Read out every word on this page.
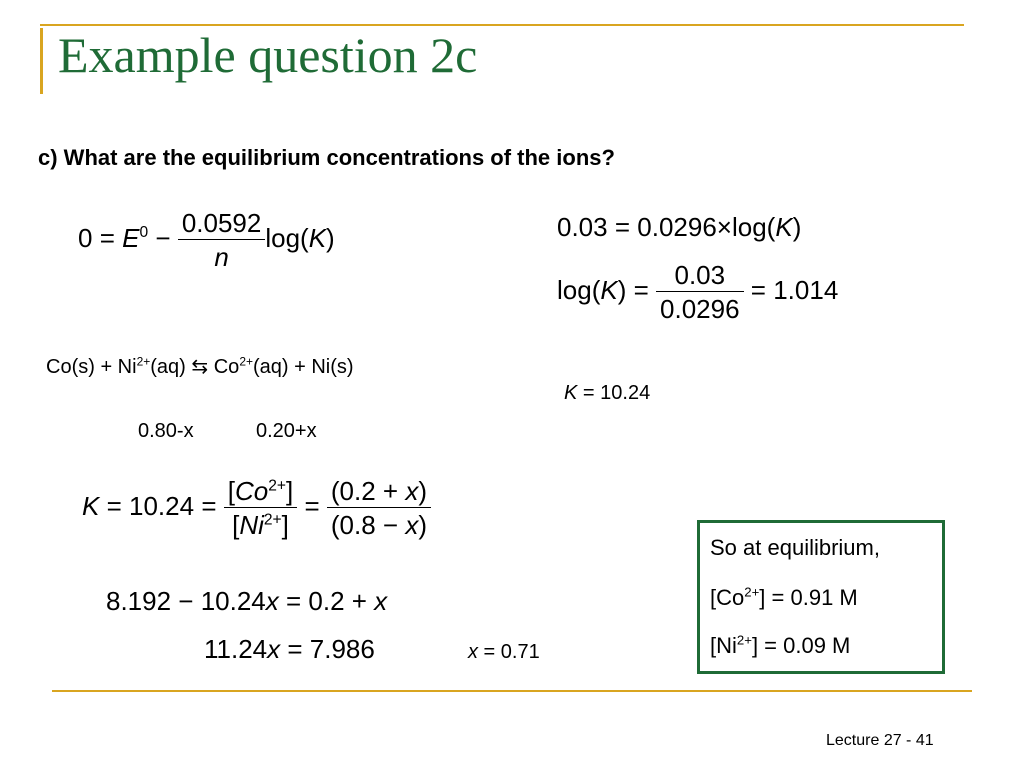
Example question 2c
c) What are the equilibrium concentrations of the ions?
$0 = E^0 - \frac{0.0592}{n} \log(K)$	0.03 = 0.0296×log(K)
$\log(K) = \frac{0.03}{0.0296} = 1.014$
$Co(s) + Ni^{2+}(aq)$ ⇆ $Co^{2+}(aq) + Ni(s)$
K = 10.24
0.80-x	0.20+x
$K = 10.24 = \frac{[Co^{2+}]}{[Ni^{2+}]} = \frac{(0.2 + x)}{(0.8 - x)}$
8.192 − 10.24x = 0.2 + x
11.24x = 7.986	x = 0.71
So at equilibrium,
$[Co^{2+}] = 0.91$ M
$[Ni^{2+}] = 0.09$ M
Lecture 27 - 41
